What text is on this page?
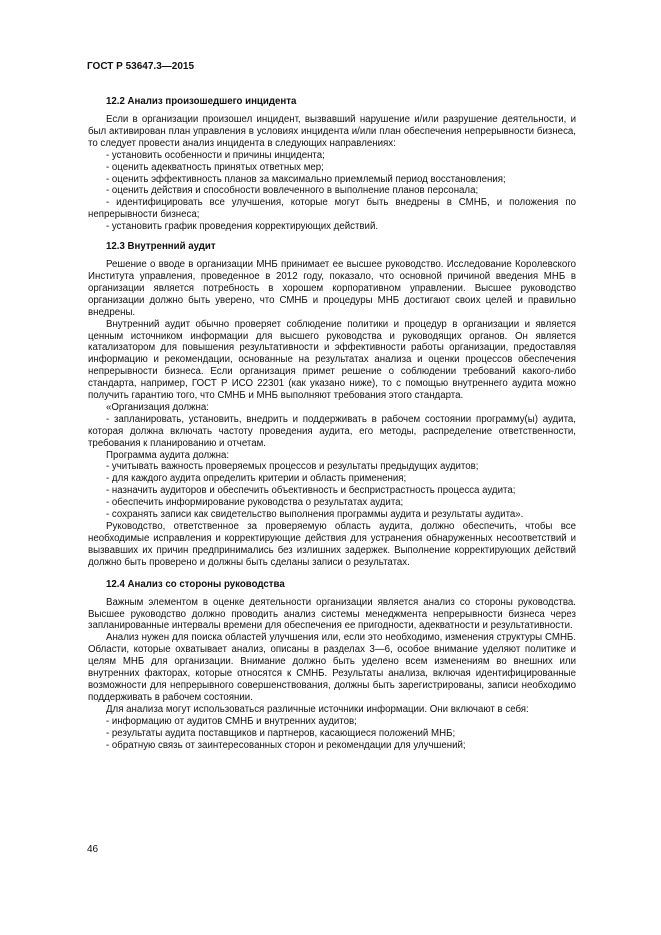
ГОСТ Р 53647.3—2015
12.2 Анализ произошедшего инцидента

Если в организации произошел инцидент, вызвавший нарушение и/или разрушение деятельности, и был активирован план управления в условиях инцидента и/или план обеспечения непрерывности бизнеса, то следует провести анализ инцидента в следующих направлениях:

- установить особенности и причины инцидента;

- оценить адекватность принятых ответных мер;

- оценить эффективность планов за максимально приемлемый период восстановления;

- оценить действия и способности вовлеченного в выполнение планов персонала;

- идентифицировать все улучшения, которые могут быть внедрены в СМНБ, и положения по непрерывности бизнеса;

- установить график проведения корректирующих действий.

12.3 Внутренний аудит

Решение о вводе в организации МНБ принимает ее высшее руководство. Исследование Королевского Института управления, проведенное в 2012 году, показало, что основной причиной введения МНБ в организации является потребность в хорошем корпоративном управлении. Высшее руководство организации должно быть уверено, что СМНБ и процедуры МНБ достигают своих целей и правильно внедрены.

Внутренний аудит обычно проверяет соблюдение политики и процедур в организации и является ценным источником информации для высшего руководства и руководящих органов. Он является катализатором для повышения результативности и эффективности работы организации, предоставляя информацию и рекомендации, основанные на результатах анализа и оценки процессов обеспечения непрерывности бизнеса. Если организация примет решение о соблюдении требований какого-либо стандарта, например, ГОСТ Р ИСО 22301 (как указано ниже), то с помощью внутреннего аудита можно получить гарантию того, что СМНБ и МНБ выполняют требования этого стандарта.

«Организация должна:

- запланировать, установить, внедрить и поддерживать в рабочем состоянии программу(ы) аудита, которая должна включать частоту проведения аудита, его методы, распределение ответственности, требования к планированию и отчетам.

Программа аудита должна:

- учитывать важность проверяемых процессов и результаты предыдущих аудитов;

- для каждого аудита определить критерии и область применения;

- назначить аудиторов и обеспечить объективность и беспристрастность процесса аудита;

- обеспечить информирование руководства о результатах аудита;

- сохранять записи как свидетельство выполнения программы аудита и результаты аудита».

Руководство, ответственное за проверяемую область аудита, должно обеспечить, чтобы все необходимые исправления и корректирующие действия для устранения обнаруженных несоответствий и вызвавших их причин предпринимались без излишних задержек. Выполнение корректирующих действий должно быть проверено и должны быть сделаны записи о результатах.

12.4 Анализ со стороны руководства

Важным элементом в оценке деятельности организации является анализ со стороны руководства. Высшее руководство должно проводить анализ системы менеджмента непрерывности бизнеса через запланированные интервалы времени для обеспечения ее пригодности, адекватности и результативности.

Анализ нужен для поиска областей улучшения или, если это необходимо, изменения структуры СМНБ. Области, которые охватывает анализ, описаны в разделах 3—6, особое внимание уделяют политике и целям МНБ для организации. Внимание должно быть уделено всем изменениям во внешних или внутренних факторах, которые относятся к СМНБ. Результаты анализа, включая идентифицированные возможности для непрерывного совершенствования, должны быть зарегистрированы, записи необходимо поддерживать в рабочем состоянии.

Для анализа могут использоваться различные источники информации. Они включают в себя:

- информацию от аудитов СМНБ и внутренних аудитов;

- результаты аудита поставщиков и партнеров, касающиеся положений МНБ;

- обратную связь от заинтересованных сторон и рекомендации для улучшений;

46
